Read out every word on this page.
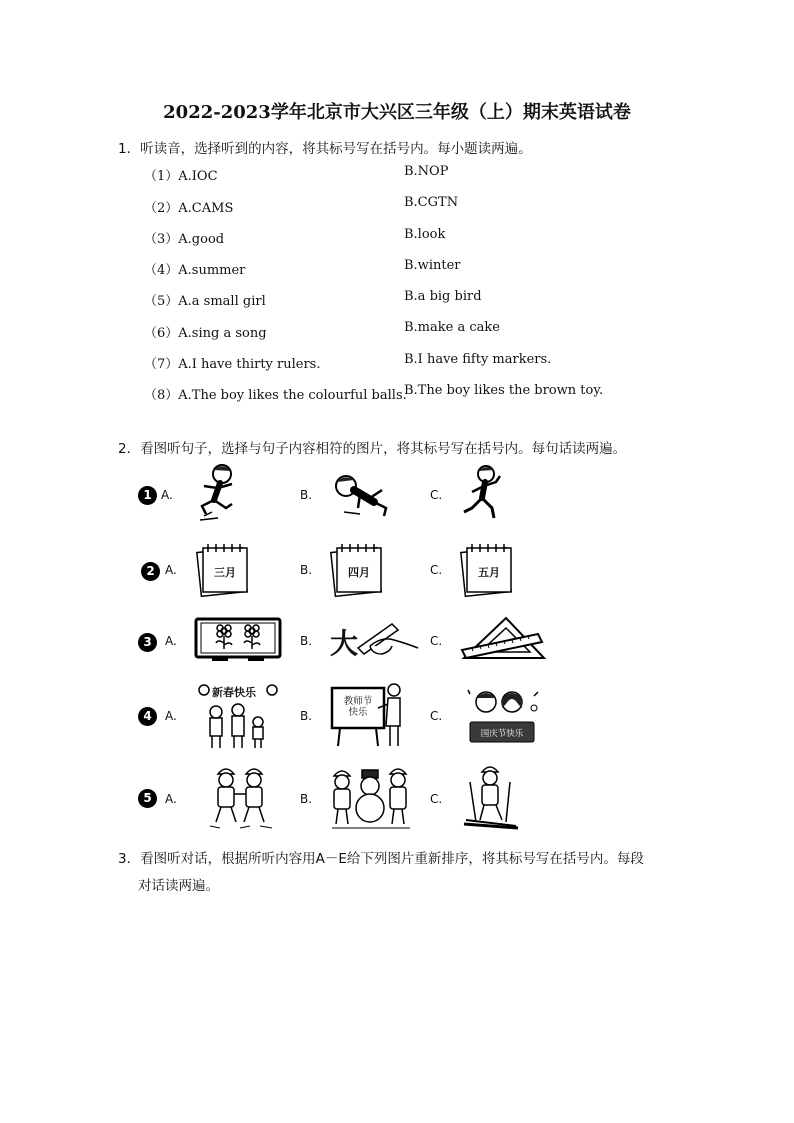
2022-2023学年北京市大兴区三年级（上）期末英语试卷
1．听读音，选择听到的内容，将其标号写在括号内。每小题读两遍。
（1）A.IOC	B.NOP
（2）A.CAMS	B.CGTN
（3）A.good	B.look
（4）A.summer	B.winter
（5）A.a small girl	B.a big bird
（6）A.sing a song	B.make a cake
（7）A.I have thirty rulers.	B.I have fifty markers.
（8）A.The boy likes the colourful balls.
B.The boy likes the brown toy.
2．看图听句子，选择与句子内容相符的图片，将其标号写在括号内。每句话读两遍。
1 A.	B.	C.
2 A.	B.	C.
三月	四月	五月
3	A.	B.	C.
大
4	A.	B.	C.
新春快乐
教师节
快乐
国庆节快乐
5	A.	B.	C.
3．看图听对话，根据所听内容用A－E给下列图片重新排序，将其标号写在括号内。每段
对话读两遍。
